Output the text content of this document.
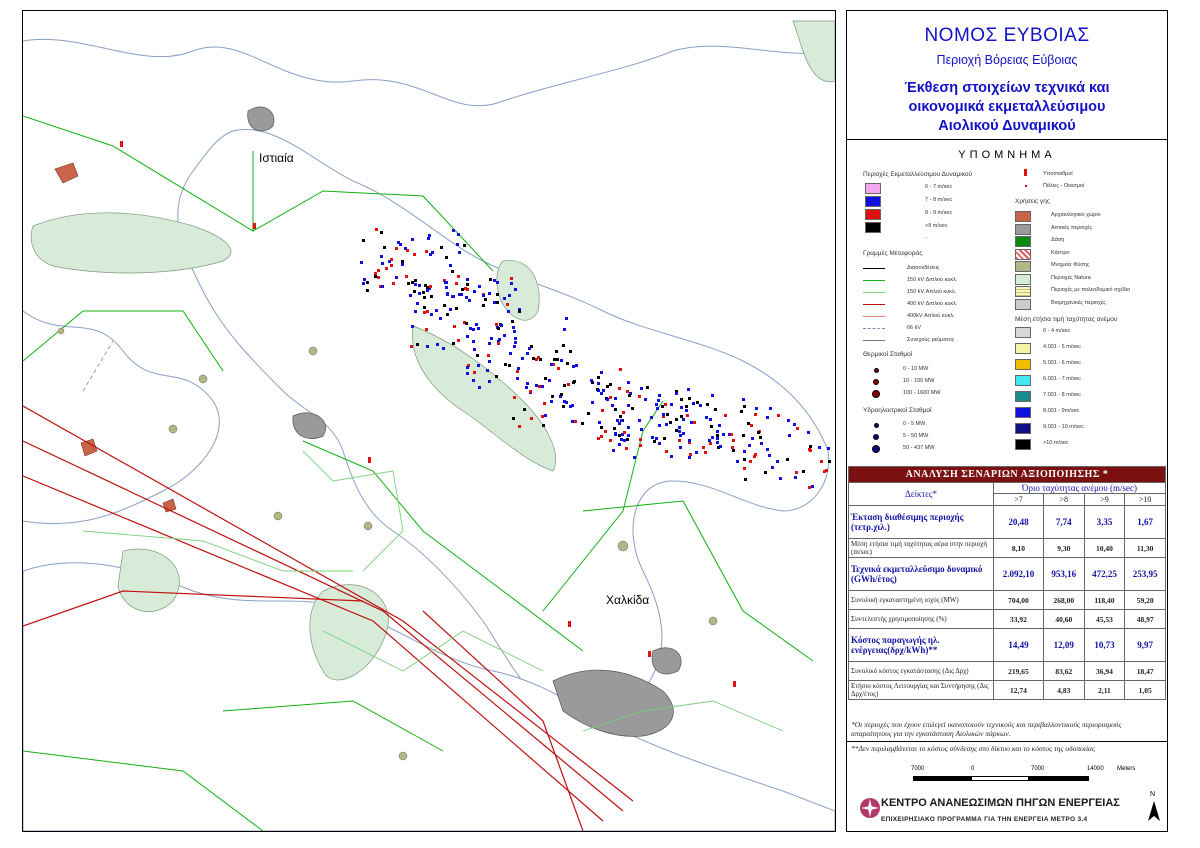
Ιστιαία
Χαλκίδα
ΝΟΜΟΣ ΕΥΒΟΙΑΣ
Περιοχή Βόρειας Εύβοιας
Έκθεση στοιχείων τεχνικά και
οικονομικά εκμεταλλεύσιμου
Αιολικού Δυναμικού
ΥΠΟΜΝΗΜΑ
Περιοχές Εκμεταλλεύσιμου Δυναμικού
-
Γραμμές Μεταφοράς
Θερμικοί Σταθμοί
Υδροηλεκτρικοί Σταθμοί
Υποσταθμοί
Πόλεις - Οικισμοί
Χρήσεις γης
Μέση ετήσια τιμή ταχύτητας ανέμου
ΑΝΑΛΥΣΗ ΣΕΝΑΡΙΩΝ ΑΞΙΟΠΟΙΗΣΗΣ *				
Δείκτες*	Όριο ταχύτητας ανέμου (m/sec)			
	>7	>8	>9	>10
Έκταση διαθέσιμης περιοχής (τετρ.χιλ.)	20,48	7,74	3,35	1,67
Μέση ετήσια τιμή ταχύτητας αέρα στην περιοχή (m/sec)	8,10	9,30	10,40	11,30
Τεχνικά εκμεταλλεύσιμο δυναμικό (GWh/έτος)	2.092,10	953,16	472,25	253,95
Συνολική εγκαταστημένη ισχύς (MW)	704,00	268,00	118,40	59,20
Συντελεστής χρησιμοποίησης (%)	33,92	40,60	45,53	48,97
Κόστος παραγωγής ηλ. ενέργειας(δρχ/kWh)**	14,49	12,09	10,73	9,97
Συνολικό κόστος εγκατάστασης (Δις Δρχ)	219,65	83,62	36,94	18,47
Ετήσιο κόστος Λειτουργίας και Συντήρησης (Δις Δρχ/έτος)	12,74	4,83	2,11	1,05
*Οι περιοχές που έχουν επιλεγεί ικανοποιούν τεχνικούς και περιβαλλοντικούς περιορισμούς απαραίτητους για την εγκατάσταση Αιολικών πάρκων.
**Δεν περιλαμβάνεται το κόστος σύνδεσης στο δίκτυο και το κόστος της οδοποιίας
7000	0	7000	14000 Meters
ΚΕΝΤΡΟ ΑΝΑΝΕΩΣΙΜΩΝ ΠΗΓΩΝ ΕΝΕΡΓΕΙΑΣ
ΕΠΙΧΕΙΡΗΣΙΑΚΟ ΠΡΟΓΡΑΜΜΑ ΓΙΑ ΤΗΝ ΕΝΕΡΓΕΙΑ ΜΕΤΡΟ 3.4
N
6 - 7 m/sec
7 - 8 m/sec
8 - 9 m/sec
>9 m/sec
Διασυνδέσεις
150 kV Διπλού κυκλ.
150 kV Απλού κυκλ.
400 kV Διπλού κυκλ.
400kV Απλού κυκλ.
66 kV
Συνεχούς ρεύματος
0 - 10 MW
10 - 100 MW
100 - 1600 MW
0 - 5 MW
5 - 50 MW
50 - 437 MW
Αρχαιολογικοί χώροι
Αστικές περιοχές
Δάση
Κάστρο
Μνημεία Φύσης
Περιοχές Natura
Περιοχές με πολεοδομικό σχέδιο
Βιομηχανικές περιοχές
0 - 4 m/sec
4.001 - 5 m/sec
5.001 - 6 m/sec
6.001 - 7 m/sec
7.001 - 8 m/sec
8.001 - 9m/sec
9.001 - 10 m/sec
>10 m/sec
